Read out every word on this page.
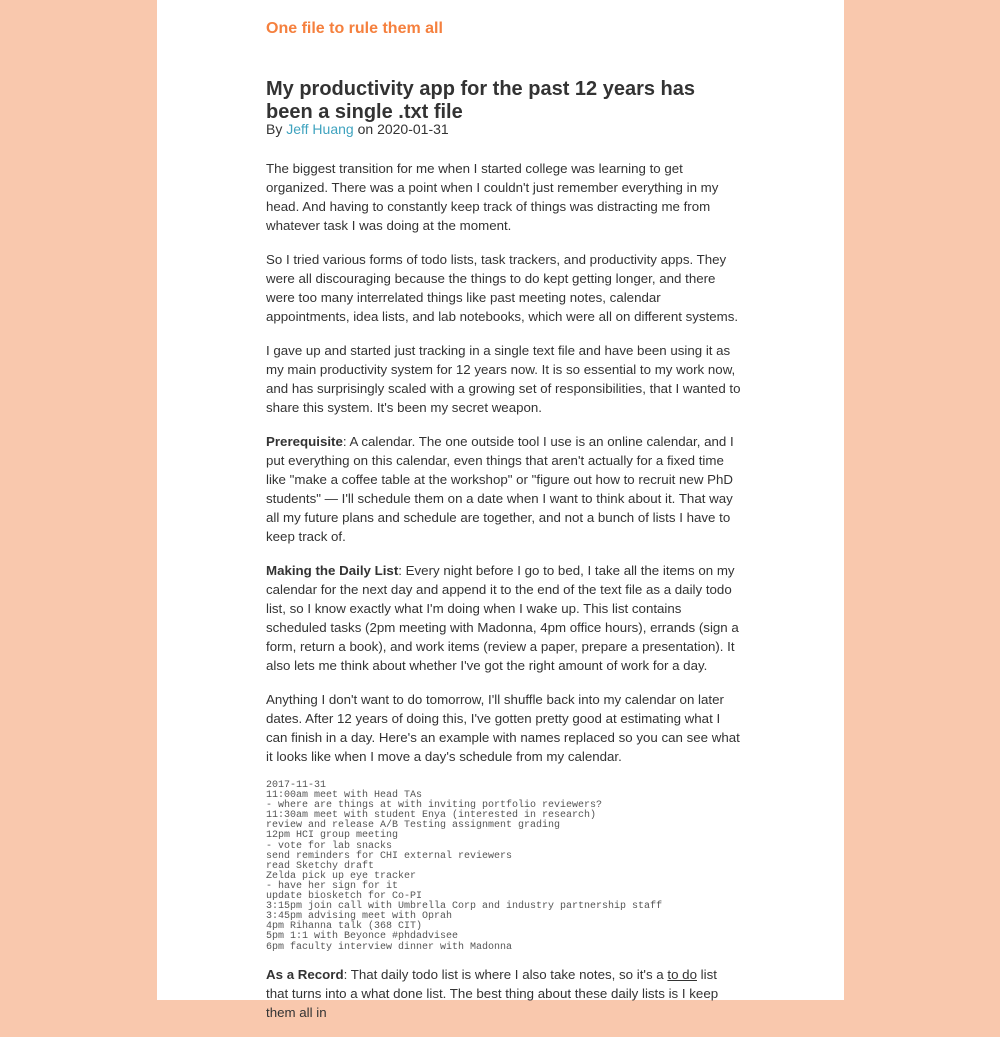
One file to rule them all
My productivity app for the past 12 years has been a single .txt file
By Jeff Huang on 2020-01-31

The biggest transition for me when I started college was learning to get organized. There was a point when I couldn't just remember everything in my head. And having to constantly keep track of things was distracting me from whatever task I was doing at the moment.

So I tried various forms of todo lists, task trackers, and productivity apps. They were all discouraging because the things to do kept getting longer, and there were too many interrelated things like past meeting notes, calendar appointments, idea lists, and lab notebooks, which were all on different systems.

I gave up and started just tracking in a single text file and have been using it as my main productivity system for 12 years now. It is so essential to my work now, and has surprisingly scaled with a growing set of responsibilities, that I wanted to share this system. It's been my secret weapon.

Prerequisite: A calendar. The one outside tool I use is an online calendar, and I put everything on this calendar, even things that aren't actually for a fixed time like "make a coffee table at the workshop" or "figure out how to recruit new PhD students" — I'll schedule them on a date when I want to think about it. That way all my future plans and schedule are together, and not a bunch of lists I have to keep track of.

Making the Daily List: Every night before I go to bed, I take all the items on my calendar for the next day and append it to the end of the text file as a daily todo list, so I know exactly what I'm doing when I wake up. This list contains scheduled tasks (2pm meeting with Madonna, 4pm office hours), errands (sign a form, return a book), and work items (review a paper, prepare a presentation). It also lets me think about whether I've got the right amount of work for a day.

Anything I don't want to do tomorrow, I'll shuffle back into my calendar on later dates. After 12 years of doing this, I've gotten pretty good at estimating what I can finish in a day. Here's an example with names replaced so you can see what it looks like when I move a day's schedule from my calendar.

2017-11-31
11:00am meet with Head TAs
- where are things at with inviting portfolio reviewers?
11:30am meet with student Enya (interested in research)
review and release A/B Testing assignment grading
12pm HCI group meeting
- vote for lab snacks
send reminders for CHI external reviewers
read Sketchy draft
Zelda pick up eye tracker
- have her sign for it
update biosketch for Co-PI
3:15pm join call with Umbrella Corp and industry partnership staff
3:45pm advising meet with Oprah
4pm Rihanna talk (368 CIT)
5pm 1:1 with Beyonce #phdadvisee
6pm faculty interview dinner with Madonna

As a Record: That daily todo list is where I also take notes, so it's a to do list that turns into a what done list. The best thing about these daily lists is I keep them all in
